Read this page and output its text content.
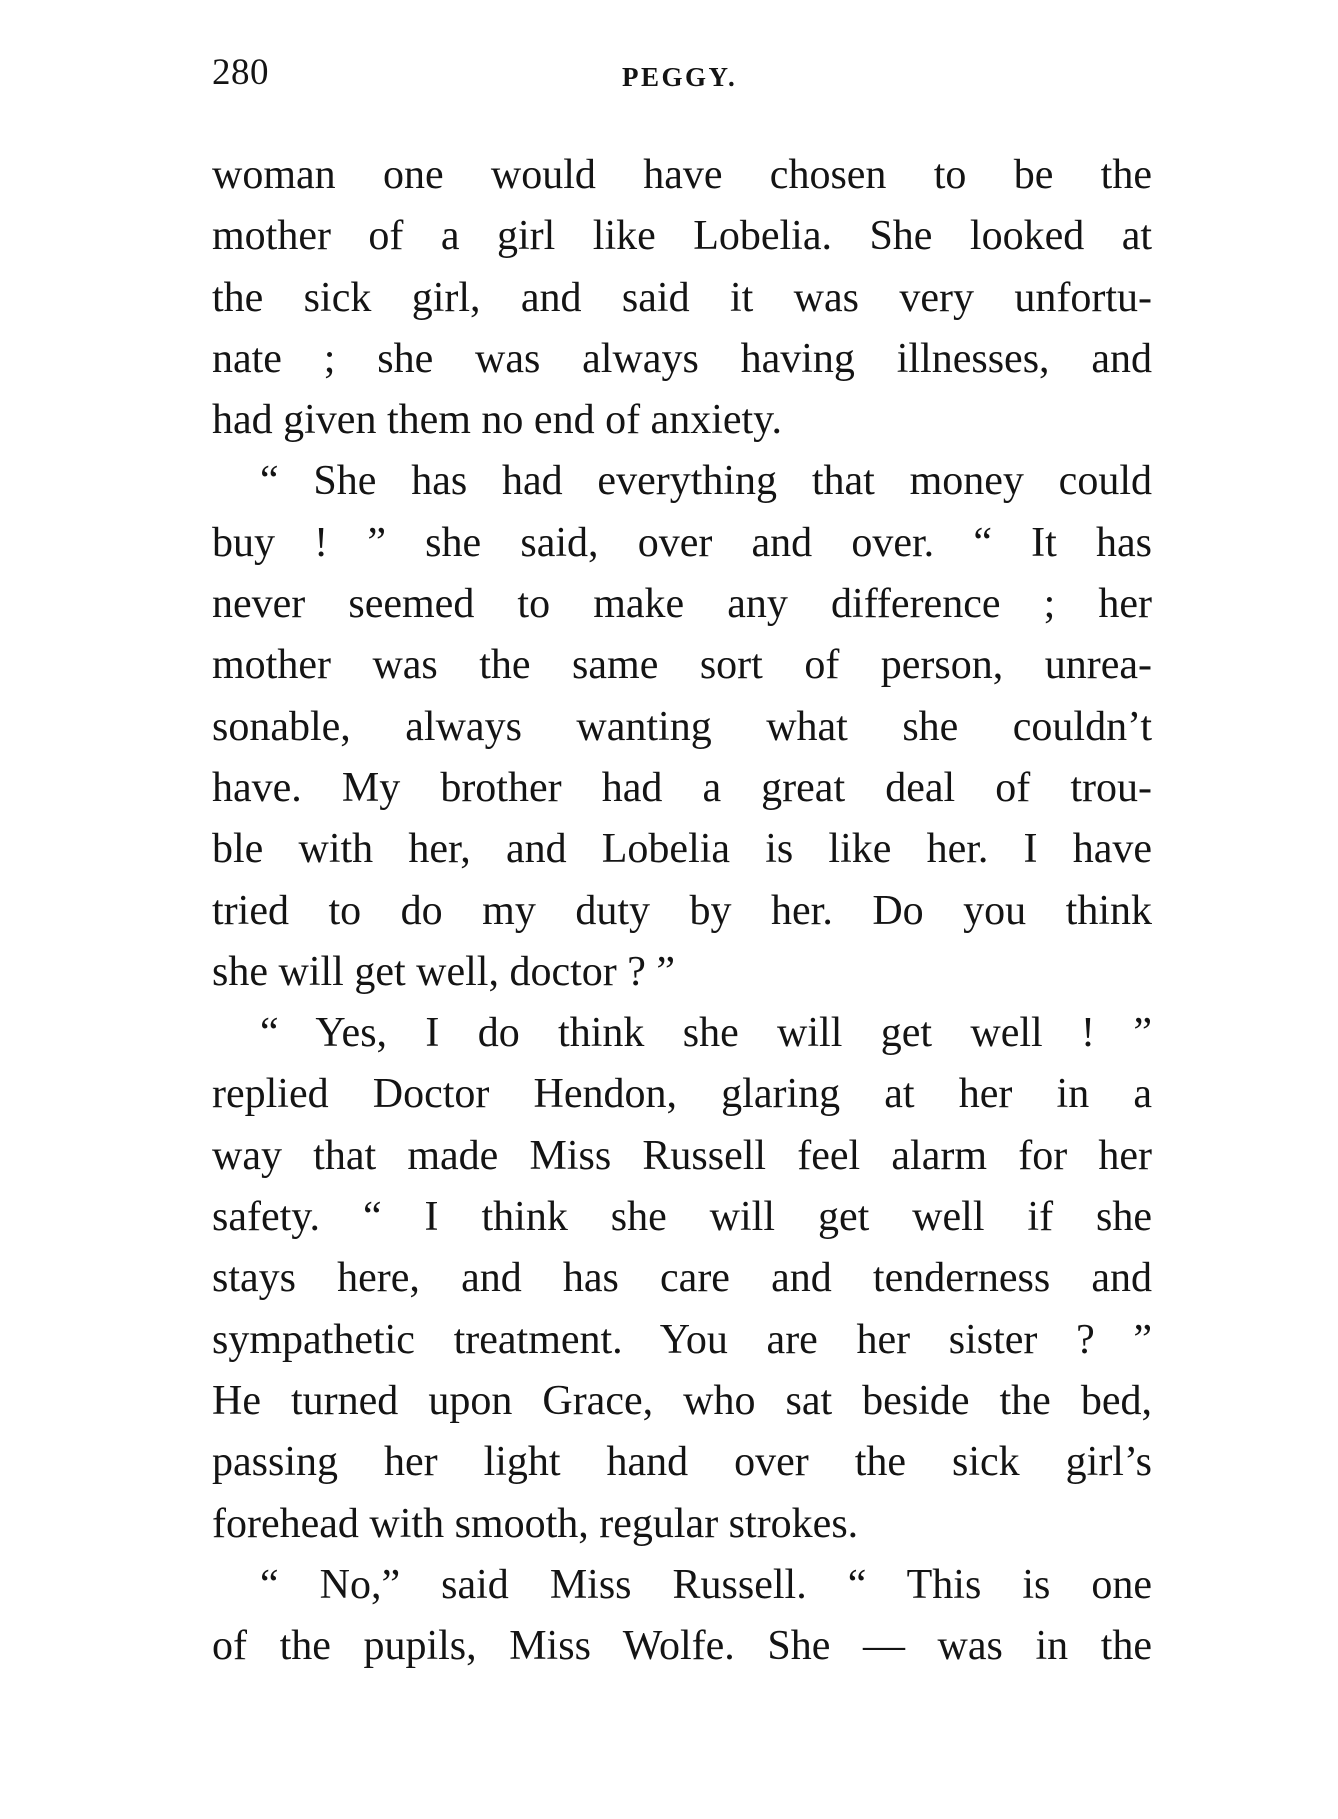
280	PEGGY.
woman one would have chosen to be the
mother of a girl like Lobelia. She looked at
the sick girl, and said it was very unfortu-
nate ; she was always having illnesses, and
had given them no end of anxiety.
“ She has had everything that money could
buy ! ” she said, over and over. “ It has
never seemed to make any difference ; her
mother was the same sort of person, unrea-
sonable, always wanting what she couldn’t
have. My brother had a great deal of trou-
ble with her, and Lobelia is like her. I have
tried to do my duty by her. Do you think
she will get well, doctor ? ”
“ Yes, I do think she will get well ! ”
replied Doctor Hendon, glaring at her in a
way that made Miss Russell feel alarm for her
safety. “ I think she will get well if she
stays here, and has care and tenderness and
sympathetic treatment. You are her sister ? ”
He turned upon Grace, who sat beside the bed,
passing her light hand over the sick girl’s
forehead with smooth, regular strokes.
“ No,” said Miss Russell. “ This is one
of the pupils, Miss Wolfe. She — was in the
